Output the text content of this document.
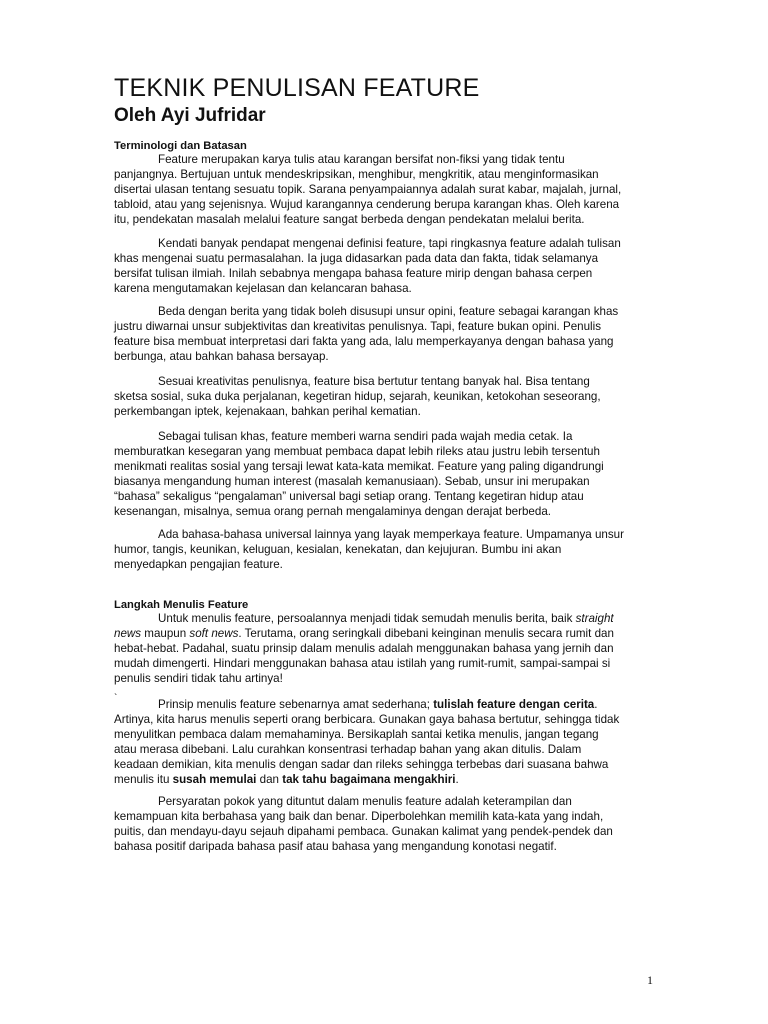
TEKNIK PENULISAN FEATURE
Oleh Ayi Jufridar
Terminologi dan Batasan

Feature merupakan karya tulis atau karangan bersifat non-fiksi yang tidak tentu
panjangnya. Bertujuan untuk mendeskripsikan, menghibur, mengkritik, atau menginformasikan
disertai ulasan tentang sesuatu topik. Sarana penyampaiannya adalah surat kabar, majalah, jurnal,
tabloid, atau yang sejenisnya. Wujud karangannya cenderung berupa karangan khas. Oleh karena
itu, pendekatan masalah melalui feature sangat berbeda dengan pendekatan melalui berita.

Kendati banyak pendapat mengenai definisi feature, tapi ringkasnya feature adalah tulisan
khas mengenai suatu permasalahan. Ia juga didasarkan pada data dan fakta, tidak selamanya
bersifat tulisan ilmiah. Inilah sebabnya mengapa bahasa feature mirip dengan bahasa cerpen
karena mengutamakan kejelasan dan kelancaran bahasa.

Beda dengan berita yang tidak boleh disusupi unsur opini, feature sebagai karangan khas
justru diwarnai unsur subjektivitas dan kreativitas penulisnya. Tapi, feature bukan opini. Penulis
feature bisa membuat interpretasi dari fakta yang ada, lalu memperkayanya dengan bahasa yang
berbunga, atau bahkan bahasa bersayap.

Sesuai kreativitas penulisnya, feature bisa bertutur tentang banyak hal. Bisa tentang
sketsa sosial, suka duka perjalanan, kegetiran hidup, sejarah, keunikan, ketokohan seseorang,
perkembangan iptek, kejenakaan, bahkan perihal kematian.

Sebagai tulisan khas, feature memberi warna sendiri pada wajah media cetak. Ia
memburatkan kesegaran yang membuat pembaca dapat lebih rileks atau justru lebih tersentuh
menikmati realitas sosial yang tersaji lewat kata-kata memikat. Feature yang paling digandrungi
biasanya mengandung human interest (masalah kemanusiaan). Sebab, unsur ini merupakan
“bahasa” sekaligus “pengalaman” universal bagi setiap orang. Tentang kegetiran hidup atau
kesenangan, misalnya, semua orang pernah mengalaminya dengan derajat berbeda.

Ada bahasa-bahasa universal lainnya yang layak memperkaya feature. Umpamanya unsur
humor, tangis, keunikan, keluguan, kesialan, kenekatan, dan kejujuran. Bumbu ini akan
menyedapkan pengajian feature.

Langkah Menulis Feature

Untuk menulis feature, persoalannya menjadi tidak semudah menulis berita, baik straight
news maupun soft news. Terutama, orang seringkali dibebani keinginan menulis secara rumit dan
hebat-hebat. Padahal, suatu prinsip dalam menulis adalah menggunakan bahasa yang jernih dan
mudah dimengerti. Hindari menggunakan bahasa atau istilah yang rumit-rumit, sampai-sampai si
penulis sendiri tidak tahu artinya!

`	Prinsip menulis feature sebenarnya amat sederhana; tulislah feature dengan cerita.
Artinya, kita harus menulis seperti orang berbicara. Gunakan gaya bahasa bertutur, sehingga tidak
menyulitkan pembaca dalam memahaminya. Bersikaplah santai ketika menulis, jangan tegang
atau merasa dibebani. Lalu curahkan konsentrasi terhadap bahan yang akan ditulis. Dalam
keadaan demikian, kita menulis dengan sadar dan rileks sehingga terbebas dari suasana bahwa
menulis itu susah memulai dan tak tahu bagaimana mengakhiri.

Persyaratan pokok yang dituntut dalam menulis feature adalah keterampilan dan
kemampuan kita berbahasa yang baik dan benar. Diperbolehkan memilih kata-kata yang indah,
puitis, dan mendayu-dayu sejauh dipahami pembaca. Gunakan kalimat yang pendek-pendek dan
bahasa positif daripada bahasa pasif atau bahasa yang mengandung konotasi negatif.

1
